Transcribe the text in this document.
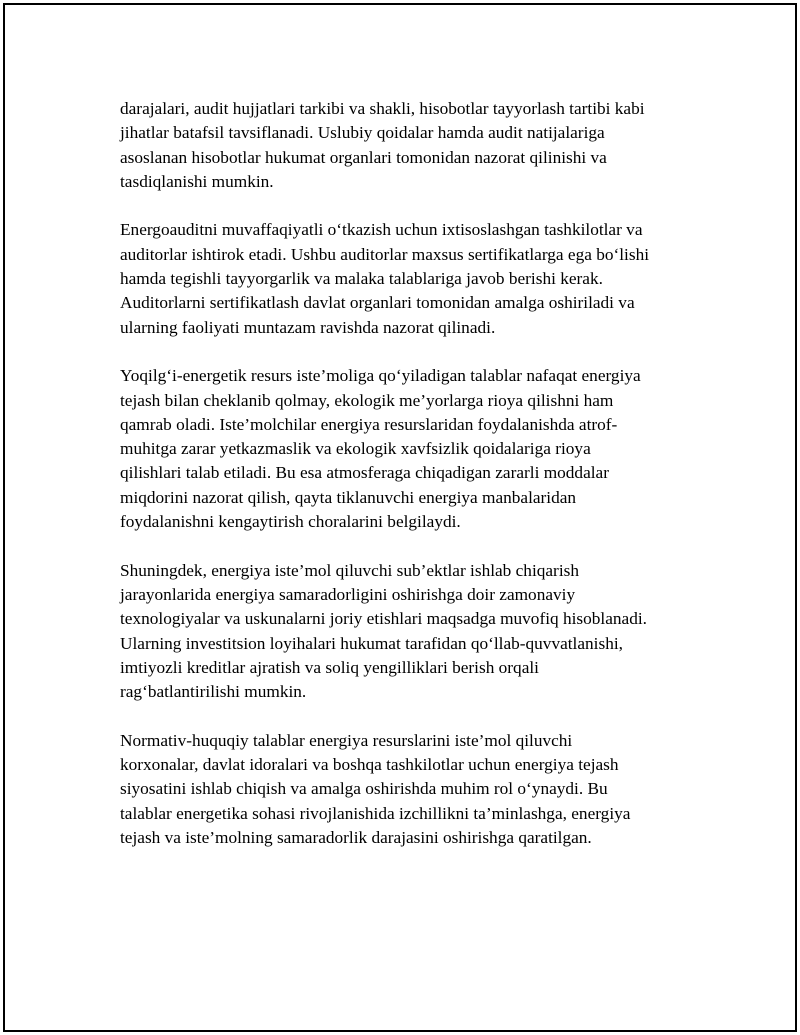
darajalari, audit hujjatlari tarkibi va shakli, hisobotlar tayyorlash tartibi kabi
jihatlar batafsil tavsiflanadi. Uslubiy qoidalar hamda audit natijalariga
asoslanan hisobotlar hukumat organlari tomonidan nazorat qilinishi va
tasdiqlanishi mumkin.

Energoauditni muvaffaqiyatli o‘tkazish uchun ixtisoslashgan tashkilotlar va
auditorlar ishtirok etadi. Ushbu auditorlar maxsus sertifikatlarga ega bo‘lishi
hamda tegishli tayyorgarlik va malaka talablariga javob berishi kerak.
Auditorlarni sertifikatlash davlat organlari tomonidan amalga oshiriladi va
ularning faoliyati muntazam ravishda nazorat qilinadi.

Yoqilg‘i-energetik resurs iste’moliga qo‘yiladigan talablar nafaqat energiya
tejash bilan cheklanib qolmay, ekologik me’yorlarga rioya qilishni ham
qamrab oladi. Iste’molchilar energiya resurslaridan foydalanishda atrof-
muhitga zarar yetkazmaslik va ekologik xavfsizlik qoidalariga rioya
qilishlari talab etiladi. Bu esa atmosferaga chiqadigan zararli moddalar
miqdorini nazorat qilish, qayta tiklanuvchi energiya manbalaridan
foydalanishni kengaytirish choralarini belgilaydi.

Shuningdek, energiya iste’mol qiluvchi sub’ektlar ishlab chiqarish
jarayonlarida energiya samaradorligini oshirishga doir zamonaviy
texnologiyalar va uskunalarni joriy etishlari maqsadga muvofiq hisoblanadi.
Ularning investitsion loyihalari hukumat tarafidan qo‘llab-quvvatlanishi,
imtiyozli kreditlar ajratish va soliq yengilliklari berish orqali
rag‘batlantirilishi mumkin.

Normativ-huquqiy talablar energiya resurslarini iste’mol qiluvchi
korxonalar, davlat idoralari va boshqa tashkilotlar uchun energiya tejash
siyosatini ishlab chiqish va amalga oshirishda muhim rol o‘ynaydi. Bu
talablar energetika sohasi rivojlanishida izchillikni ta’minlashga, energiya
tejash va iste’molning samaradorlik darajasini oshirishga qaratilgan.
